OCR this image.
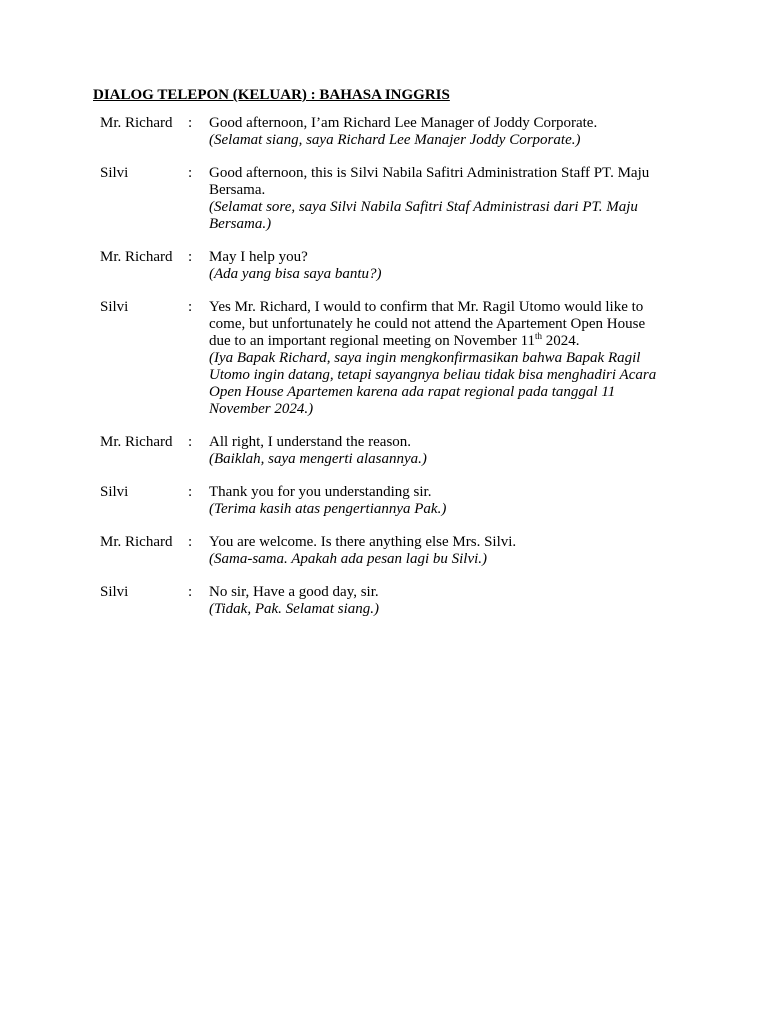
DIALOG TELEPON (KELUAR) : BAHASA INGGRIS
Mr. Richard	:	Good afternoon, I’am Richard Lee Manager of Joddy Corporate.
(Selamat siang, saya Richard Lee Manajer Joddy Corporate.)
Silvi	:	Good afternoon, this is Silvi Nabila Safitri Administration Staff PT. Maju Bersama.
(Selamat sore, saya Silvi Nabila Safitri Staf Administrasi dari PT. Maju Bersama.)
Mr. Richard	:	May I help you?
(Ada yang bisa saya bantu?)
Silvi	:	Yes Mr. Richard, I would to confirm that Mr. Ragil Utomo would like to come, but unfortunately he could not attend the Apartement Open House due to an important regional meeting on November 11th 2024.
(Iya Bapak Richard, saya ingin mengkonfirmasikan bahwa Bapak Ragil Utomo ingin datang, tetapi sayangnya beliau tidak bisa menghadiri Acara Open House Apartemen karena ada rapat regional pada tanggal 11 November 2024.)
Mr. Richard	:	All right, I understand the reason.
(Baiklah, saya mengerti alasannya.)
Silvi	:	Thank you for you understanding sir.
(Terima kasih atas pengertiannya Pak.)
Mr. Richard	:	You are welcome. Is there anything else Mrs. Silvi.
(Sama-sama. Apakah ada pesan lagi bu Silvi.)
Silvi	:	No sir, Have a good day, sir.
(Tidak, Pak. Selamat siang.)
